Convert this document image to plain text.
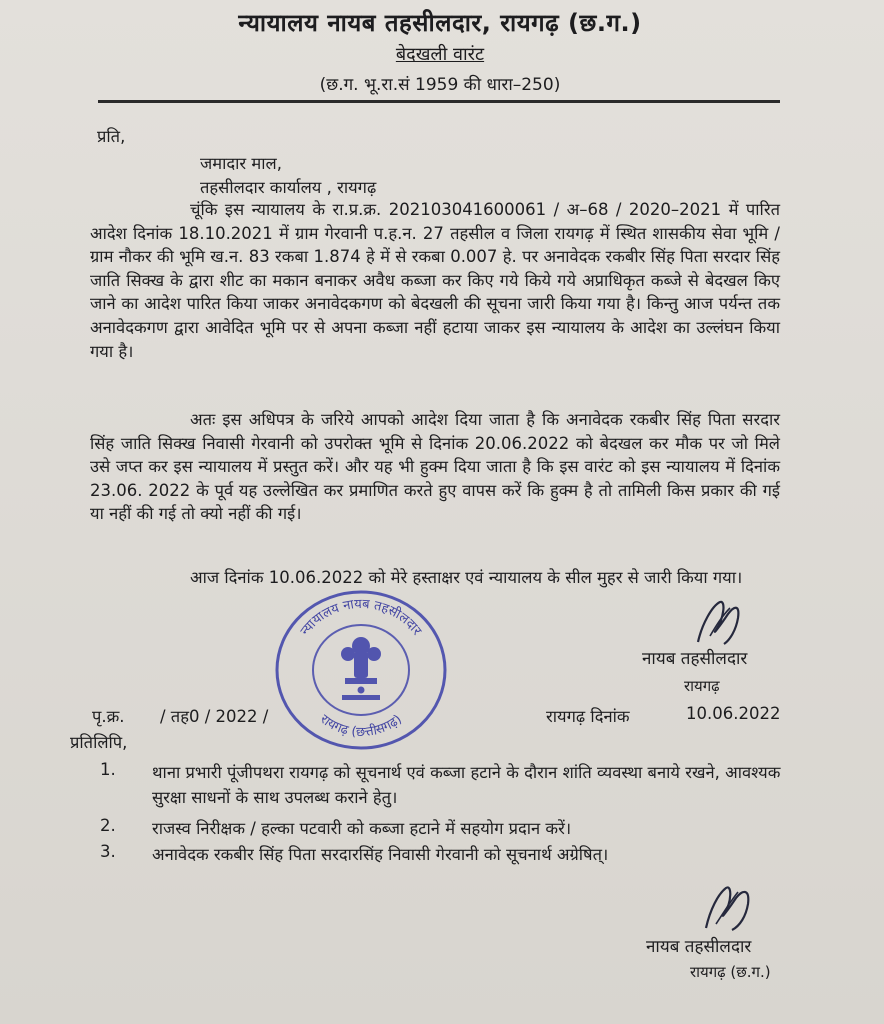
न्यायालय नायब तहसीलदार, रायगढ़ (छ.ग.)
बेदखली वारंट
(छ.ग. भू.रा.सं 1959 की धारा–250)
प्रति,
जमादार माल,
तहसीलदार कार्यालय , रायगढ़
चूंकि इस न्यायालय के रा.प्र.क्र. 202103041600061 / अ–68 / 2020–2021 में पारित आदेश दिनांक 18.10.2021 में ग्राम गेरवानी प.ह.न. 27 तहसील व जिला रायगढ़ में स्थित शासकीय सेवा भूमि / ग्राम नौकर की भूमि ख.न. 83 रकबा 1.874 हे में से रकबा 0.007 हे. पर अनावेदक रकबीर सिंह पिता सरदार सिंह जाति सिक्ख के द्वारा शीट का मकान बनाकर अवैध कब्जा कर किए गये किये गये अप्राधिकृत कब्जे से बेदखल किए जाने का आदेश पारित किया जाकर अनावेदकगण को बेदखली की सूचना जारी किया गया है। किन्तु आज पर्यन्त तक अनावेदकगण द्वारा आवेदित भूमि पर से अपना कब्जा नहीं हटाया जाकर इस न्यायालय के आदेश का उल्लंघन किया गया है।
अतः इस अधिपत्र के जरिये आपको आदेश दिया जाता है कि अनावेदक रकबीर सिंह पिता सरदार सिंह जाति सिक्ख निवासी गेरवानी को उपरोक्त भूमि से दिनांक 20.06.2022 को बेदखल कर मौक पर जो मिले उसे जप्त कर इस न्यायालय में प्रस्तुत करें। और यह भी हुक्म दिया जाता है कि इस वारंट को इस न्यायालय में दिनांक 23.06. 2022 के पूर्व यह उल्लेखित कर प्रमाणित करते हुए वापस करें कि हुक्म है तो तामिली किस प्रकार की गई या नहीं की गई तो क्यो नहीं की गई।
आज दिनांक 10.06.2022 को मेरे हस्ताक्षर एवं न्यायालय के सील मुहर से जारी किया गया।
न्यायालय नायब तहसीलदार
रायगढ़ (छत्तीसगढ़)
नायब तहसीलदार
रायगढ़
पृ.क्र. / तह0 / 2022 /	रायगढ़ दिनांक	10.06.2022
प्रतिलिपि,
1. थाना प्रभारी पूंजीपथरा रायगढ़ को सूचनार्थ एवं कब्जा हटाने के दौरान शांति व्यवस्था बनाये रखने, आवश्यक सुरक्षा साधनों के साथ उपलब्ध कराने हेतु।
2. राजस्व निरीक्षक / हल्का पटवारी को कब्जा हटाने में सहयोग प्रदान करें।
3. अनावेदक रकबीर सिंह पिता सरदारसिंह निवासी गेरवानी को सूचनार्थ अग्रेषित्।
नायब तहसीलदार
रायगढ़ (छ.ग.)
